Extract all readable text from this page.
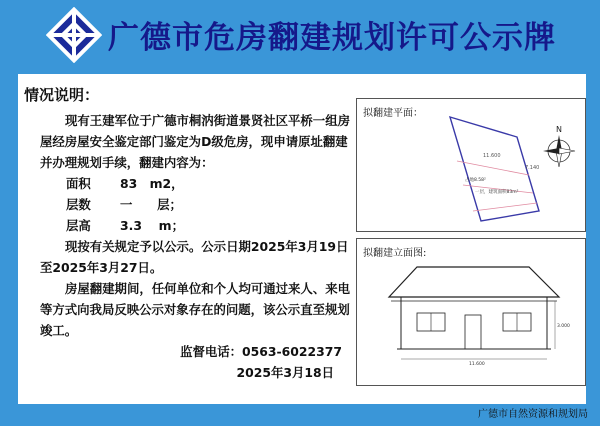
广德市危房翻建规划许可公示牌
情况说明：

现有王建军位于广德市桐汭街道景贤社区平桥一组房屋经房屋安全鉴定部门鉴定为D级危房，现申请原址翻建并办理规划手续，翻建内容为：

面积	83　m2，
层数	一　　层；
层高	3.3　 m；

现按有关规定予以公示。公示日期2025年3月19日至2025年3月27日。

房屋翻建期间，任何单位和个人均可通过来人、来电等方式向我局反映公示对象存在的问题，该公示直至规划竣工。

监督电话：0563-6022377

2025年3月18日

拟翻建平面：
11.600
7.140
占地8.58²
一层，建筑面积83m²
N
拟翻建立面图:
3.000
11.600
广德市自然资源和规划局
